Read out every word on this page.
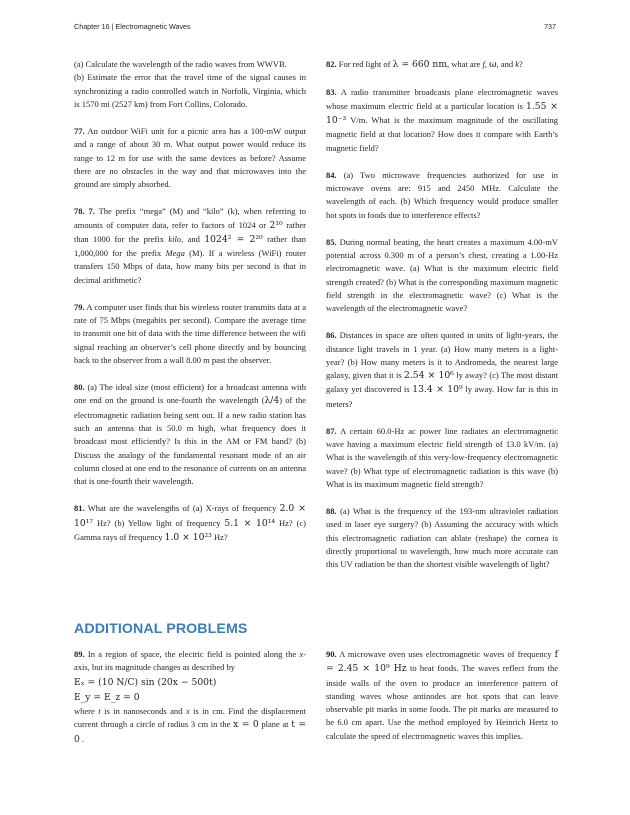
Chapter 16 | Electromagnetic Waves	737

(a) Calculate the wavelength of the radio waves from WWVB.

(b) Estimate the error that the travel time of the signal causes in synchronizing a radio controlled watch in Norfolk, Virginia, which is 1570 mi (2527 km) from Fort Collins, Colorado.

77. An outdoor WiFi unit for a picnic area has a 100-mW output and a range of about 30 m. What output power would reduce its range to 12 m for use with the same devices as before? Assume there are no obstacles in the way and that microwaves into the ground are simply absorbed.

78. 7. The prefix “mega” (M) and “kilo” (k), when referring to amounts of computer data, refer to factors of 1024 or 2¹⁰ rather than 1000 for the prefix kilo, and 1024² = 2²⁰ rather than 1,000,000 for the prefix Mega (M). If a wireless (WiFi) router transfers 150 Mbps of data, how many bits per second is that in decimal arithmetic?

79. A computer user finds that his wireless router transmits data at a rate of 75 Mbps (megabits per second). Compare the average time to transmit one bit of data with the time difference between the wifi signal reaching an observer’s cell phone directly and by bouncing back to the observer from a wall 8.00 m past the observer.

80. (a) The ideal size (most efficient) for a broadcast antenna with one end on the ground is one-fourth the wavelength (λ/4) of the electromagnetic radiation being sent out. If a new radio station has such an antenna that is 50.0 m high, what frequency does it broadcast most efficiently? Is this in the AM or FM band? (b) Discuss the analogy of the fundamental resonant mode of an air column closed at one end to the resonance of currents on an antenna that is one-fourth their wavelength.

81. What are the wavelengths of (a) X-rays of frequency 2.0 × 10¹⁷ Hz? (b) Yellow light of frequency 5.1 × 10¹⁴ Hz? (c) Gamma rays of frequency 1.0 × 10²³ Hz?

82. For red light of λ = 660 nm, what are f, ω, and k?

83. A radio transmitter broadcasts plane electromagnetic waves whose maximum electric field at a particular location is 1.55 × 10⁻³ V/m. What is the maximum magnitude of the oscillating magnetic field at that location? How does it compare with Earth’s magnetic field?

84. (a) Two microwave frequencies authorized for use in microwave ovens are: 915 and 2450 MHz. Calculate the wavelength of each. (b) Which frequency would produce smaller hot spots in foods due to interference effects?

85. During normal beating, the heart creates a maximum 4.00-mV potential across 0.300 m of a person’s chest, creating a 1.00-Hz electromagnetic wave. (a) What is the maximum electric field strength created? (b) What is the corresponding maximum magnetic field strength in the electromagnetic wave? (c) What is the wavelength of the electromagnetic wave?

86. Distances in space are often quoted in units of light-years, the distance light travels in 1 year. (a) How many meters is a light-year? (b) How many meters is it to Andromeda, the nearest large galaxy, given that it is 2.54 × 10⁶ ly away? (c) The most distant galaxy yet discovered is 13.4 × 10⁹ ly away. How far is this in meters?

87. A certain 60.0-Hz ac power line radiates an electromagnetic wave having a maximum electric field strength of 13.0 kV/m. (a) What is the wavelength of this very-low-frequency electromagnetic wave? (b) What type of electromagnetic radiation is this wave (b) What is its maximum magnetic field strength?

88. (a) What is the frequency of the 193-nm ultraviolet radiation used in laser eye surgery? (b) Assuming the accuracy with which this electromagnetic radiation can ablate (reshape) the cornea is directly proportional to wavelength, how much more accurate can this UV radiation be than the shortest visible wavelength of light?

ADDITIONAL PROBLEMS

89. In a region of space, the electric field is pointed along the x-axis, but its magnitude changes as described by

Eₓ = (10 N/C) sin (20x − 500t)
E_y = E_z = 0

where t is in nanoseconds and x is in cm. Find the displacement current through a circle of radius 3 cm in the x = 0 plane at t = 0 .

90. A microwave oven uses electromagnetic waves of frequency f = 2.45 × 10⁹ Hz to heat foods. The waves reflect from the inside walls of the oven to produce an interference pattern of standing waves whose antinodes are hot spots that can leave observable pit marks in some foods. The pit marks are measured to be 6.0 cm apart. Use the method employed by Heinrich Hertz to calculate the speed of electromagnetic waves this implies.
